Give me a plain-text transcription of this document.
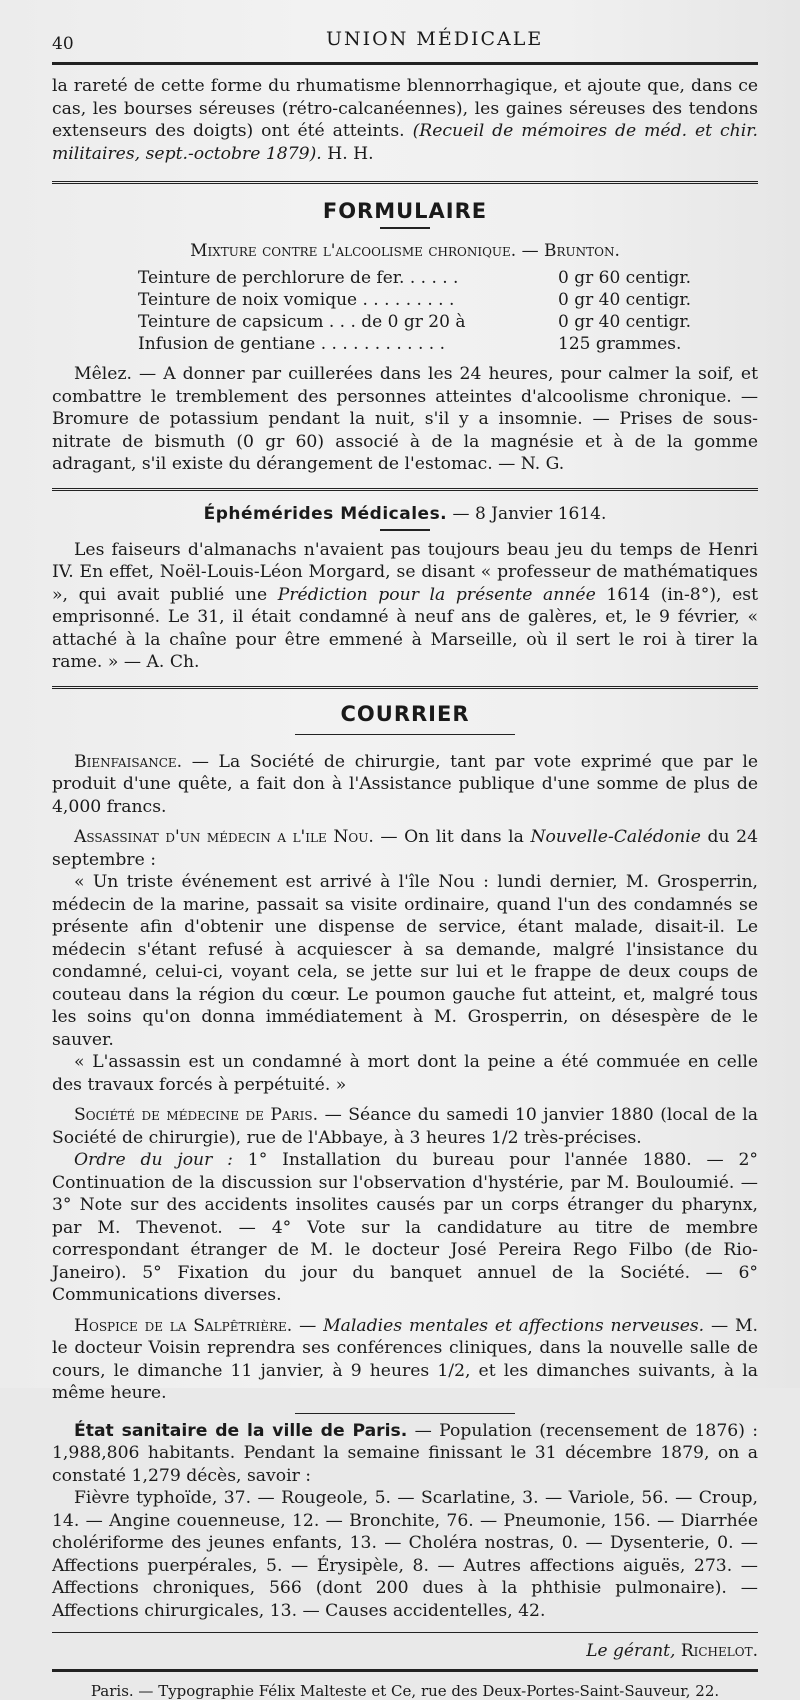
40	UNION MÉDICALE

la rareté de cette forme du rhumatisme blennorrhagique, et ajoute que, dans ce cas, les bourses séreuses (rétro-calcanéennes), les gaines séreuses des tendons extenseurs des doigts) ont été atteints. (Recueil de mémoires de méd. et chir. militaires, sept.-octobre 1879). H. H.

FORMULAIRE
Mixture contre l'alcoolisme chronique. — Brunton.
Teinture de perchlorure de fer. . . . . .	0 gr 60 centigr.
Teinture de noix vomique . . . . . . . . .	0 gr 40 centigr.
Teinture de capsicum . . . de 0 gr 20 à	0 gr 40 centigr.
Infusion de gentiane . . . . . . . . . . . .	125 grammes.

Mêlez. — A donner par cuillerées dans les 24 heures, pour calmer la soif, et combattre le tremblement des personnes atteintes d'alcoolisme chronique. — Bromure de potassium pendant la nuit, s'il y a insomnie. — Prises de sous-nitrate de bismuth (0 gr 60) associé à de la magnésie et à de la gomme adragant, s'il existe du dérangement de l'estomac. — N. G.

Éphémérides Médicales. — 8 Janvier 1614.

Les faiseurs d'almanachs n'avaient pas toujours beau jeu du temps de Henri IV. En effet, Noël-Louis-Léon Morgard, se disant « professeur de mathématiques », qui avait publié une Prédiction pour la présente année 1614 (in-8°), est emprisonné. Le 31, il était condamné à neuf ans de galères, et, le 9 février, « attaché à la chaîne pour être emmené à Marseille, où il sert le roi à tirer la rame. » — A. Ch.

COURRIER

Bienfaisance. — La Société de chirurgie, tant par vote exprimé que par le produit d'une quête, a fait don à l'Assistance publique d'une somme de plus de 4,000 francs.

Assassinat d'un médecin a l'ile Nou. — On lit dans la Nouvelle-Calédonie du 24 septembre :

« Un triste événement est arrivé à l'île Nou : lundi dernier, M. Grosperrin, médecin de la marine, passait sa visite ordinaire, quand l'un des condamnés se présente afin d'obtenir une dispense de service, étant malade, disait-il. Le médecin s'étant refusé à acquiescer à sa demande, malgré l'insistance du condamné, celui-ci, voyant cela, se jette sur lui et le frappe de deux coups de couteau dans la région du cœur. Le poumon gauche fut atteint, et, malgré tous les soins qu'on donna immédiatement à M. Grosperrin, on désespère de le sauver.

« L'assassin est un condamné à mort dont la peine a été commuée en celle des travaux forcés à perpétuité. »

Société de médecine de Paris. — Séance du samedi 10 janvier 1880 (local de la Société de chirurgie), rue de l'Abbaye, à 3 heures 1/2 très-précises.

Ordre du jour : 1° Installation du bureau pour l'année 1880. — 2° Continuation de la discussion sur l'observation d'hystérie, par M. Bouloumié. — 3° Note sur des accidents insolites causés par un corps étranger du pharynx, par M. Thevenot. — 4° Vote sur la candidature au titre de membre correspondant étranger de M. le docteur José Pereira Rego Filbo (de Rio-Janeiro). 5° Fixation du jour du banquet annuel de la Société. — 6° Communications diverses.

Hospice de la Salpêtrière. — Maladies mentales et affections nerveuses. — M. le docteur Voisin reprendra ses conférences cliniques, dans la nouvelle salle de cours, le dimanche 11 janvier, à 9 heures 1/2, et les dimanches suivants, à la même heure.

État sanitaire de la ville de Paris. — Population (recensement de 1876) : 1,988,806 habitants. Pendant la semaine finissant le 31 décembre 1879, on a constaté 1,279 décès, savoir :

Fièvre typhoïde, 37. — Rougeole, 5. — Scarlatine, 3. — Variole, 56. — Croup, 14. — Angine couenneuse, 12. — Bronchite, 76. — Pneumonie, 156. — Diarrhée cholériforme des jeunes enfants, 13. — Choléra nostras, 0. — Dysenterie, 0. — Affections puerpérales, 5. — Érysipèle, 8. — Autres affections aiguës, 273. — Affections chroniques, 566 (dont 200 dues à la phthisie pulmonaire). — Affections chirurgicales, 13. — Causes accidentelles, 42.

Le gérant, Richelot.
Paris. — Typographie Félix Malteste et Ce, rue des Deux-Portes-Saint-Sauveur, 22.
